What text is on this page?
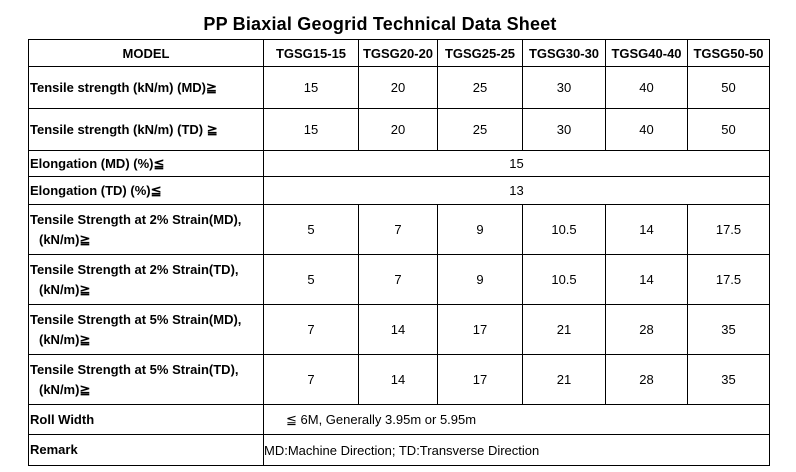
PP Biaxial Geogrid Technical Data Sheet
MODEL	TGSG15-15	TGSG20-20	TGSG25-25	TGSG30-30	TGSG40-40	TGSG50-50
Tensile strength (kN/m) (MD)≧	15	20	25	30	40	50
Tensile strength (kN/m) (TD) ≧	15	20	25	30	40	50
Elongation (MD) (%)≦	15					
Elongation (TD) (%)≦	13					

Tensile Strength at 2% Strain(MD),
(kN/m)≧	5	7	9	10.5	14	17.5

Tensile Strength at 2% Strain(TD),
(kN/m)≧	5	7	9	10.5	14	17.5

Tensile Strength at 5% Strain(MD),
(kN/m)≧	7	14	17	21	28	35

Tensile Strength at 5% Strain(TD),
(kN/m)≧	7	14	17	21	28	35
Roll Width	≦ 6M, Generally 3.95m or 5.95m					
Remark	MD:Machine Direction; TD:Transverse Direction					
